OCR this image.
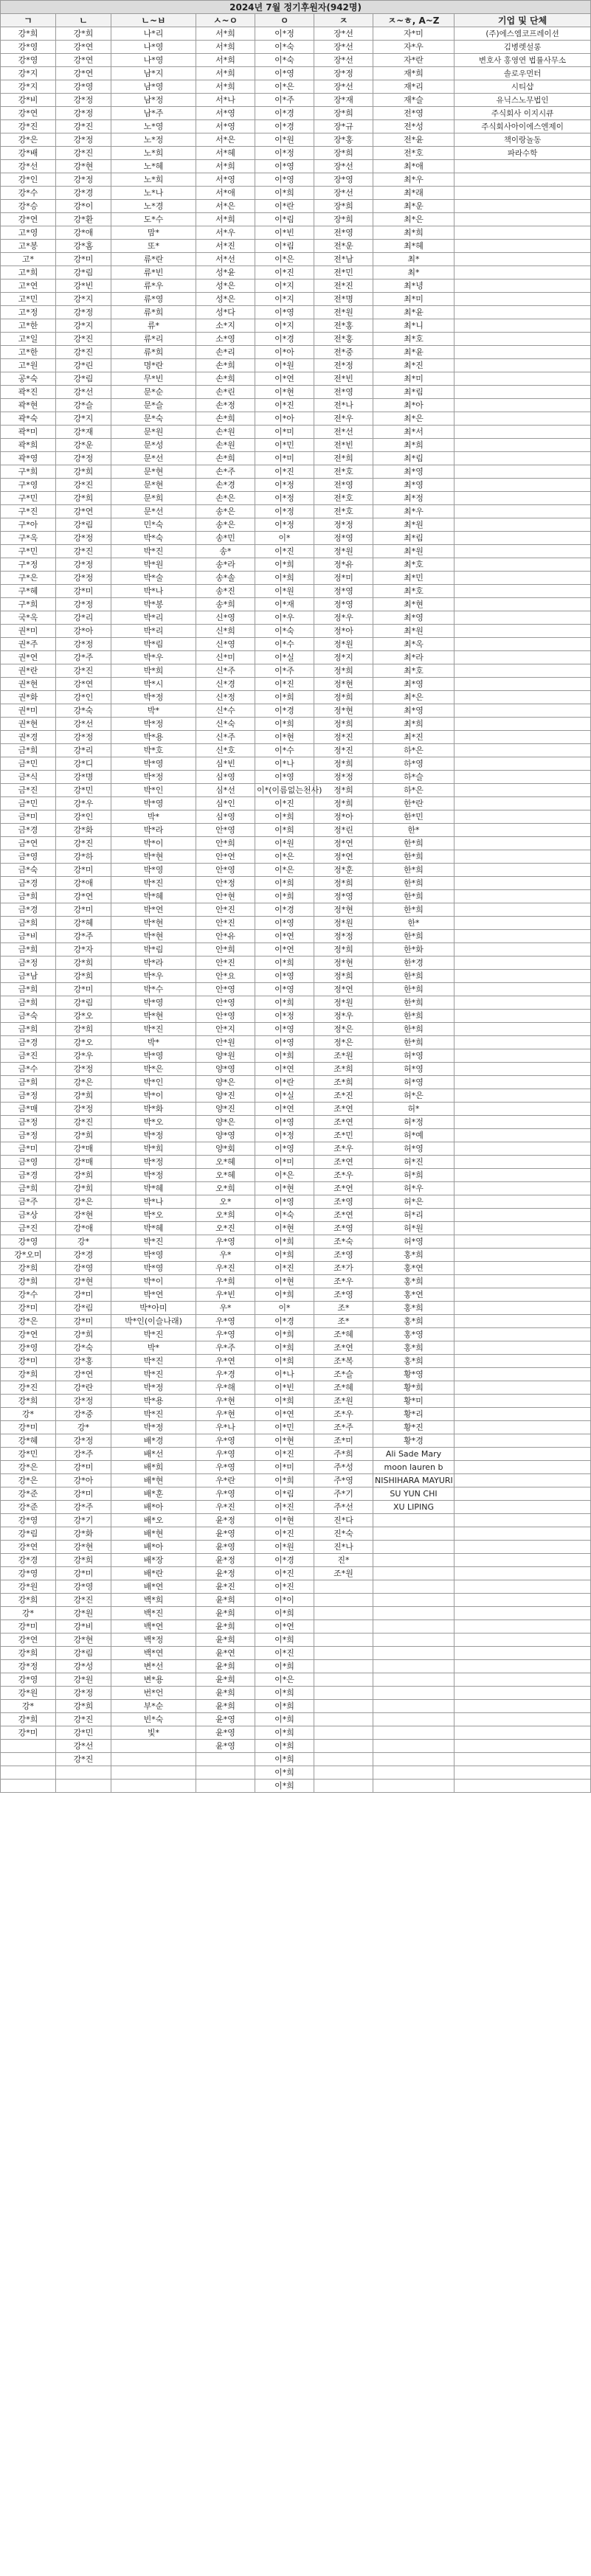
2024년 7월 정기후원자(942명)							
ㄱ	ㄴ	ㄴ~ㅂ	ㅅ~ㅇ	ㅇ	ㅈ	ㅈ~ㅎ, A~Z	기업 및 단체
강*희	강*희	나*리	서*희	이*정	장*선	자*미	(주)에스엠코프레이션
강*영	강*연	나*영	서*희	이*숙	장*선	자*우	김병렛설롱
강*영	강*연	나*영	서*희	이*숙	장*선	자*란	변호사 홍영연 법률사무소
강*지	강*연	남*지	서*희	이*영	장*정	재*희	솔로우먼터
강*지	강*영	남*영	서*희	이*은	장*선	재*리	시티샵
강*비	강*정	남*정	서*나	이*주	장*재	재*슬	유닉스노무법인
강*연	강*정	남*주	서*영	이*경	장*희	전*영	주식회사 이지시큐
강*진	강*진	노*영	서*영	이*경	장*규	전*성	주식회사아이에스엔제이
강*은	강*정	노*정	서*은	이*원	장*홍	전*윤	책이랑놀동
강*배	강*진	노*희	서*혜	이*정	장*희	전*호	파라수학
강*선	강*현	노*혜	서*희	이*영	장*선	최*애	
강*인	강*정	노*희	서*영	이*영	장*영	최*우	
강*수	강*경	노*나	서*애	이*희	장*선	최*래	
강*승	강*이	노*경	서*은	이*란	장*희	최*운	
강*연	강*환	도*수	서*희	이*림	장*희	최*은	
고*영	강*애	맘*	서*우	이*빈	전*영	최*희	
고*봉	강*홈	또*	서*진	이*림	전*운	최*혜	
고*	강*미	류*란	서*선	이*은	전*남	최*	
고*희	강*림	류*빈	성*윤	이*진	전*민	최*	
고*연	강*빈	류*우	성*은	이*지	전*진	최*녕	
고*민	강*지	류*영	성*은	이*지	전*명	최*미	
고*정	강*정	류*희	성*다	이*영	전*원	최*윤	
고*한	강*지	류*	소*지	이*지	전*홍	최*니	
고*일	강*진	류*리	소*영	이*경	전*홍	최*호	
고*한	강*진	류*희	손*리	이*아	전*중	최*윤	
고*원	강*린	명*란	손*희	이*원	전*정	최*진	
공*숙	강*림	무*빈	손*희	이*연	전*빈	최*미	
곽*진	강*선	문*순	손*린	이*현	전*영	최*림	
곽*현	강*슬	문*슬	손*정	이*진	전*나	최*아	
곽*숙	강*지	문*숙	손*희	이*아	전*우	최*은	
곽*미	강*재	문*원	손*원	이*미	전*선	최*서	
곽*희	강*운	문*성	손*원	이*민	전*빈	최*희	
곽*영	강*정	문*선	손*희	이*미	전*희	최*림	
구*희	강*희	문*현	손*주	이*진	전*호	최*영	
구*영	강*진	문*현	손*경	이*정	전*영	최*영	
구*민	강*희	문*희	손*은	이*정	전*호	최*정	
구*진	강*연	문*선	송*은	이*정	전*호	최*우	
구*아	강*림	민*숙	송*은	이*정	정*정	최*원	
구*옥	강*정	박*숙	송*민	이*	정*영	최*림	
구*민	강*진	박*진	송*	이*진	정*원	최*원	
구*정	강*정	박*원	송*라	이*희	정*유	최*호	
구*은	강*정	박*술	송*솔	이*희	정*미	최*민	
구*혜	강*미	박*나	송*진	이*원	정*영	최*호	
구*희	강*정	박*봉	송*희	이*재	정*영	최*현	
국*옥	강*리	박*리	신*영	이*우	정*우	최*영	
권*미	강*아	박*리	신*희	이*숙	정*아	최*원	
권*주	강*정	박*림	신*영	이*수	정*원	최*옥	
권*연	강*주	박*우	신*미	이*실	정*지	최*라	
권*란	강*진	박*희	신*주	이*주	정*희	최*호	
권*현	강*연	박*시	신*경	이*진	정*현	최*영	
권*화	강*인	박*정	신*정	이*희	정*희	최*은	
권*미	강*숙	박*	신*수	이*경	정*현	최*영	
권*현	강*선	박*정	신*숙	이*희	정*희	최*희	
권*경	강*정	박*용	신*주	이*현	정*진	최*진	
금*희	강*리	박*호	신*호	이*수	정*진	하*은	
금*민	강*디	박*영	심*빈	이*나	정*희	하*영	
금*식	강*명	박*정	심*영	이*영	정*정	하*슬	
금*진	강*민	박*인	심*선	이*(이름없는천사)	정*희	하*은	
금*민	강*우	박*영	심*인	이*진	정*희	한*란	
금*미	강*인	박*	심*영	이*희	정*아	한*민	
금*경	강*화	박*라	안*영	이*희	정*린	한*	
금*연	강*진	박*이	안*희	이*원	정*연	한*희	
금*영	강*하	박*현	안*연	이*은	정*연	한*희	
금*숙	강*미	박*영	안*영	이*은	정*훈	한*희	
금*경	강*애	박*진	안*정	이*희	정*희	한*희	
금*희	강*연	박*혜	안*현	이*희	정*영	한*희	
금*경	강*미	박*연	안*진	이*경	정*현	한*희	
금*희	강*혜	박*현	안*진	이*영	정*원	한*	
금*비	강*주	박*현	안*유	이*연	정*정	한*희	
금*희	강*자	박*림	안*희	이*연	정*희	한*화	
금*정	강*희	박*라	안*진	이*희	정*현	한*경	
금*남	강*희	박*우	안*요	이*영	정*희	한*희	
금*희	강*미	박*수	안*영	이*영	정*연	한*희	
금*희	강*림	박*영	안*영	이*희	정*원	한*희	
금*숙	강*오	박*현	안*영	이*정	정*우	한*희	
금*희	강*희	박*진	안*지	이*영	정*은	한*희	
금*경	강*오	박*	안*원	이*영	정*은	한*희	
금*진	강*우	박*영	양*원	이*희	조*원	허*영	
금*수	강*정	박*은	양*영	이*연	조*희	허*영	
금*희	강*은	박*인	양*은	이*란	조*희	허*영	
금*정	강*희	박*이	양*진	이*실	조*진	허*은	
금*매	강*정	박*화	양*진	이*연	조*연	허*	
금*정	강*진	박*오	양*은	이*영	조*연	허*정	
금*정	강*희	박*정	양*영	이*정	조*민	허*예	
금*미	강*매	박*희	양*회	이*영	조*우	허*영	
금*영	강*매	박*정	오*혜	이*미	조*연	허*진	
금*경	강*희	박*정	오*혜	이*은	조*우	허*희	
금*희	강*희	박*혜	오*희	이*현	조*연	허*우	
금*주	강*은	박*나	오*	이*영	조*영	허*은	
금*상	강*현	박*오	오*희	이*숙	조*연	허*리	
금*진	강*애	박*혜	오*진	이*현	조*영	허*원	
강*영	강*	박*진	우*영	이*희	조*숙	허*영	
강*오미	강*경	박*영	우*	이*희	조*영	홍*희	
강*희	강*영	박*영	우*진	이*진	조*가	홍*연	
강*희	강*현	박*이	우*희	이*현	조*우	홍*희	
강*수	강*미	박*연	우*빈	이*희	조*영	홍*연	
강*미	강*림	박*아미	우*	이*	조*	홍*희	
강*은	강*미	박*인(이슬나래)	우*영	이*경	조*	홍*희	
강*연	강*희	박*진	우*영	이*희	조*혜	홍*영	
강*영	강*숙	박*	우*주	이*희	조*연	홍*희	
강*미	강*홍	박*진	우*연	이*희	조*복	홍*희	
강*희	강*연	박*진	우*경	이*나	조*슬	황*영	
강*진	강*란	박*정	우*해	이*빈	조*혜	황*희	
강*희	강*정	박*용	우*현	이*희	조*원	황*미	
강*	강*중	박*진	우*현	이*연	조*우	황*리	
강*미	강*	박*정	우*나	이*민	조*주	황*진	
강*혜	강*정	배*경	우*영	이*현	조*미	황*경	
강*민	강*주	배*선	우*영	이*진	주*희	Ali Sade Mary	
강*은	강*미	배*희	우*영	이*미	주*성	moon lauren b	
강*은	강*아	배*현	우*란	이*희	주*영	NISHIHARA MAYURI	
강*준	강*미	배*훈	우*영	이*림	주*기	SU YUN CHI	
강*준	강*주	배*아	우*진	이*진	주*선	XU LIPING	
강*영	강*기	배*오	윤*정	이*현	진*다		
강*림	강*화	배*현	윤*영	이*진	진*숙		
강*연	강*현	배*아	윤*영	이*원	진*나		
강*경	강*희	배*장	윤*정	이*경	진*		
강*영	강*미	배*란	윤*정	이*진	조*원		
강*원	강*영	배*연	윤*진	이*진			
강*희	강*진	백*희	윤*희	이*이			
강*	강*원	백*진	윤*희	이*희			
강*미	강*비	백*연	윤*희	이*연			
강*연	강*현	백*정	윤*희	이*희			
강*희	강*림	백*연	윤*연	이*진			
강*정	강*성	변*선	윤*희	이*희			
강*영	강*원	변*용	윤*희	이*은			
강*원	강*정	번*언	윤*희	이*희			
강*	강*희	부*순	윤*희	이*희			
강*희	강*진	빈*숙	윤*영	이*희			
강*미	강*민	빛*	윤*영	이*희			
	강*선		윤*영	이*희			
	강*진			이*희			
				이*희			
				이*희			
